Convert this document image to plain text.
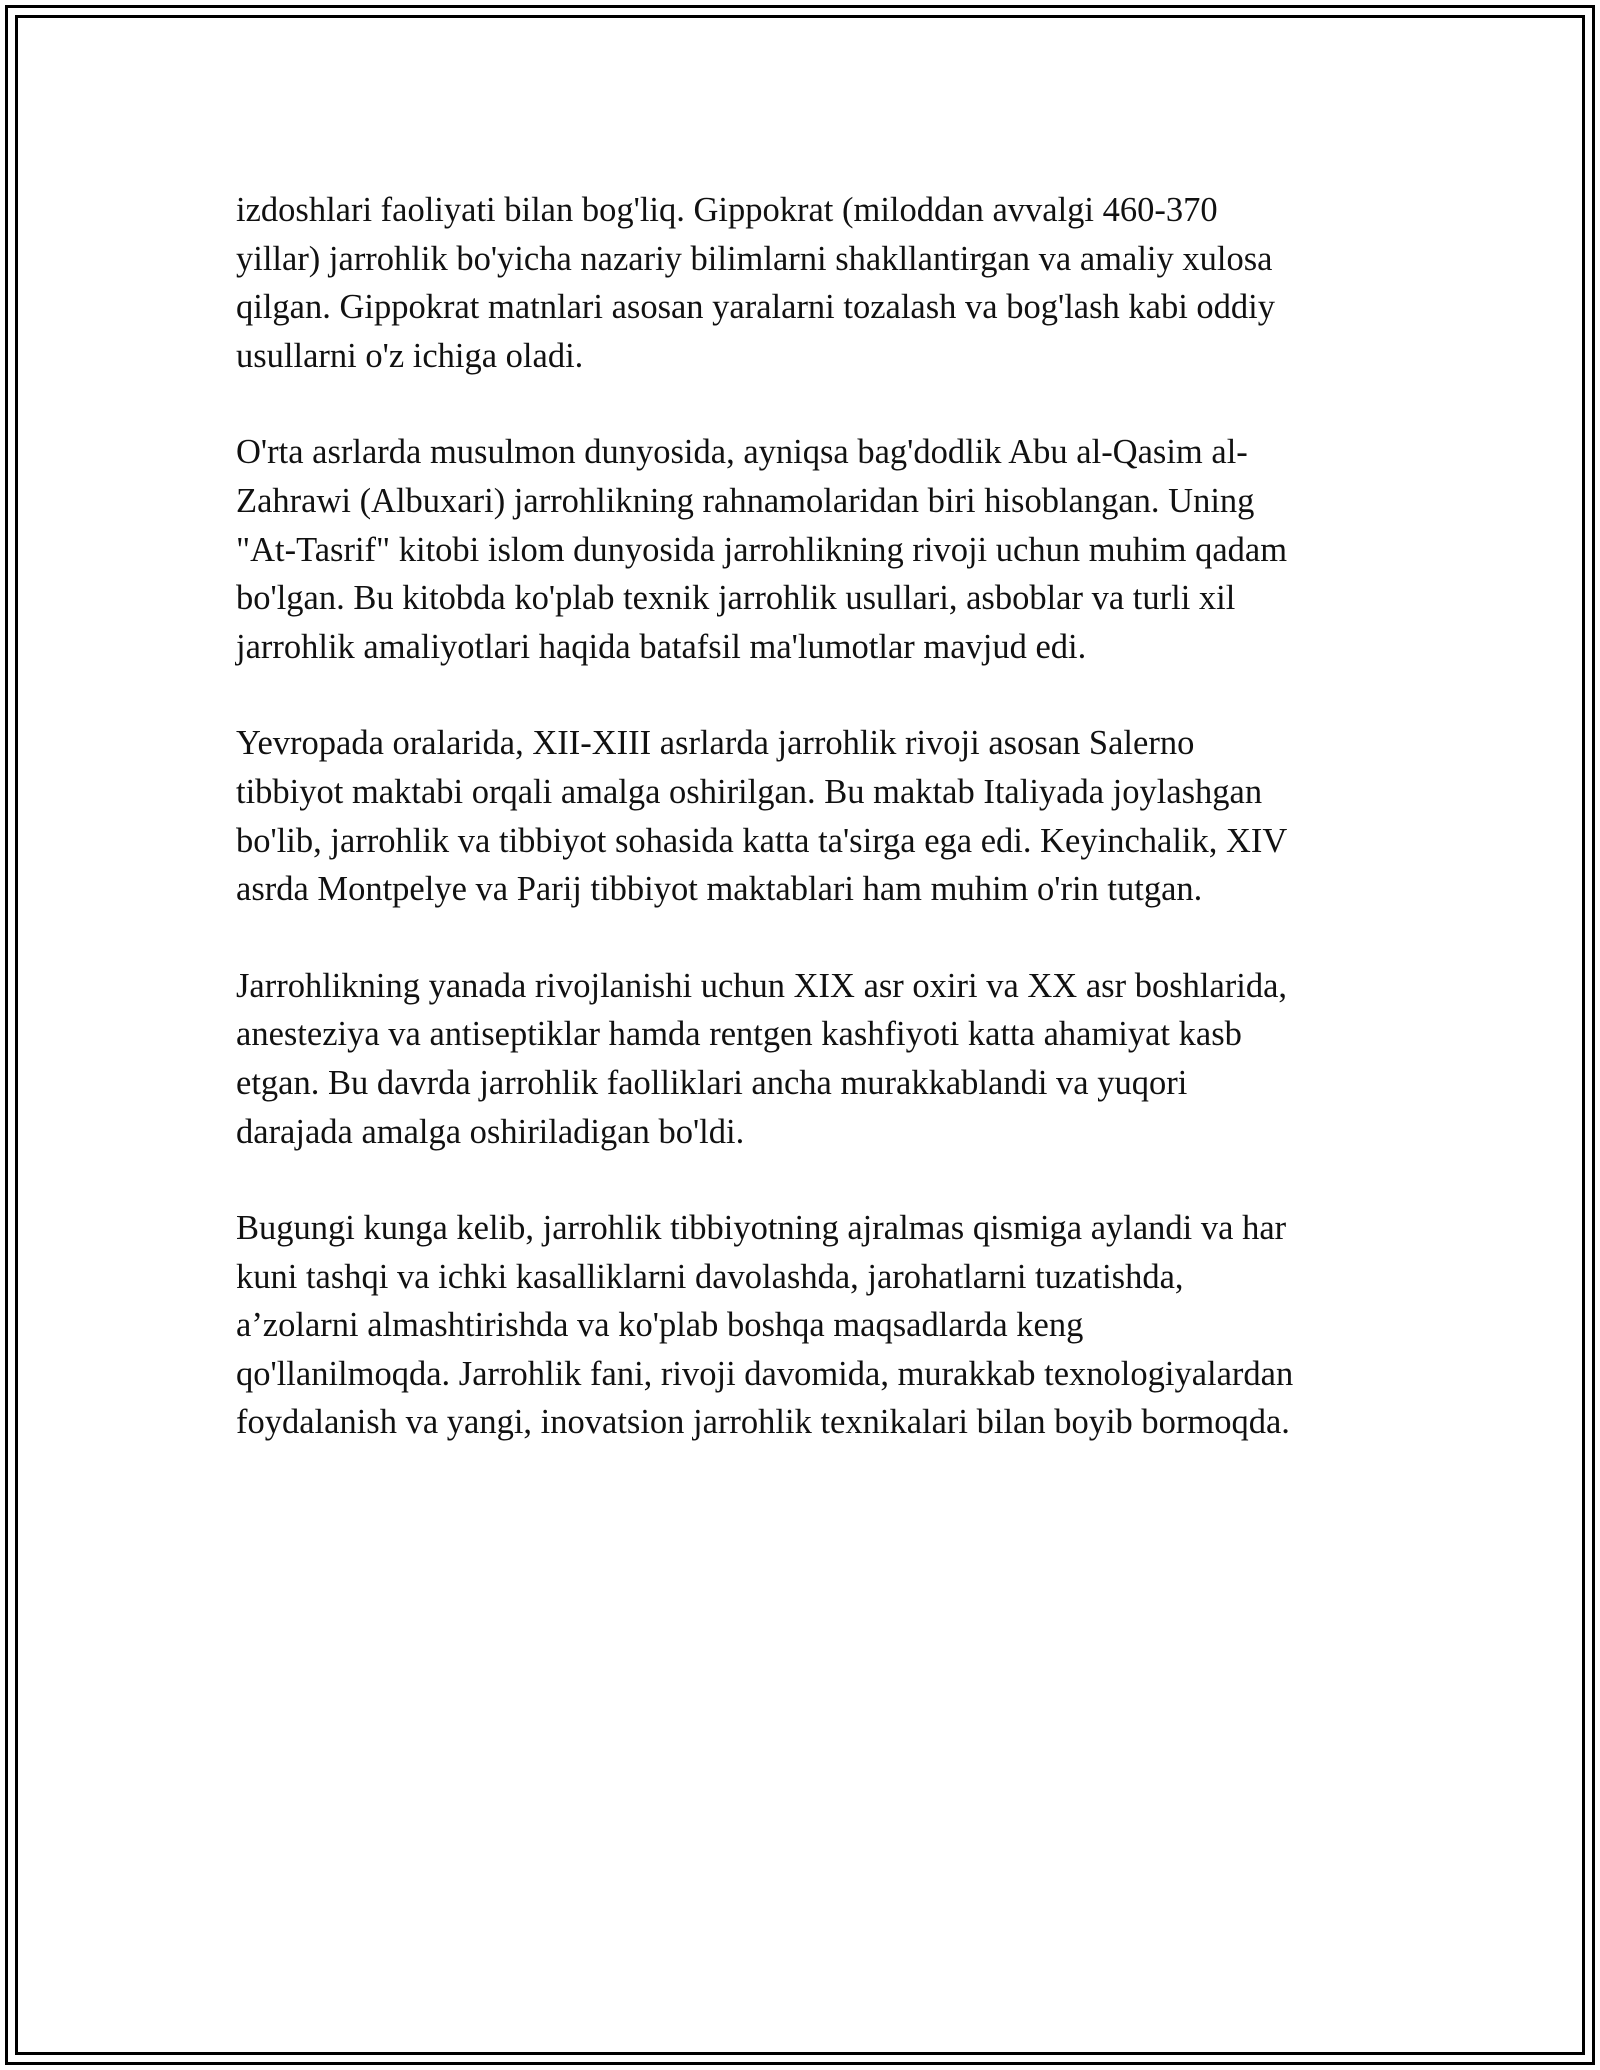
izdoshlari faoliyati bilan bog'liq. Gippokrat (miloddan avvalgi 460-370
yillar) jarrohlik bo'yicha nazariy bilimlarni shakllantirgan va amaliy xulosa
qilgan. Gippokrat matnlari asosan yaralarni tozalash va bog'lash kabi oddiy
usullarni o'z ichiga oladi.

O'rta asrlarda musulmon dunyosida, ayniqsa bag'dodlik Abu al-Qasim al-
Zahrawi (Albuxari) jarrohlikning rahnamolaridan biri hisoblangan. Uning
"At-Tasrif" kitobi islom dunyosida jarrohlikning rivoji uchun muhim qadam
bo'lgan. Bu kitobda ko'plab texnik jarrohlik usullari, asboblar va turli xil
jarrohlik amaliyotlari haqida batafsil ma'lumotlar mavjud edi.

Yevropada oralarida, XII-XIII asrlarda jarrohlik rivoji asosan Salerno
tibbiyot maktabi orqali amalga oshirilgan. Bu maktab Italiyada joylashgan
bo'lib, jarrohlik va tibbiyot sohasida katta ta'sirga ega edi. Keyinchalik, XIV
asrda Montpelye va Parij tibbiyot maktablari ham muhim o'rin tutgan.

Jarrohlikning yanada rivojlanishi uchun XIX asr oxiri va XX asr boshlarida,
anesteziya va antiseptiklar hamda rentgen kashfiyoti katta ahamiyat kasb
etgan. Bu davrda jarrohlik faolliklari ancha murakkablandi va yuqori
darajada amalga oshiriladigan bo'ldi.

Bugungi kunga kelib, jarrohlik tibbiyotning ajralmas qismiga aylandi va har
kuni tashqi va ichki kasalliklarni davolashda, jarohatlarni tuzatishda,
a’zolarni almashtirishda va ko'plab boshqa maqsadlarda keng
qo'llanilmoqda. Jarrohlik fani, rivoji davomida, murakkab texnologiyalardan
foydalanish va yangi, inovatsion jarrohlik texnikalari bilan boyib bormoqda.
